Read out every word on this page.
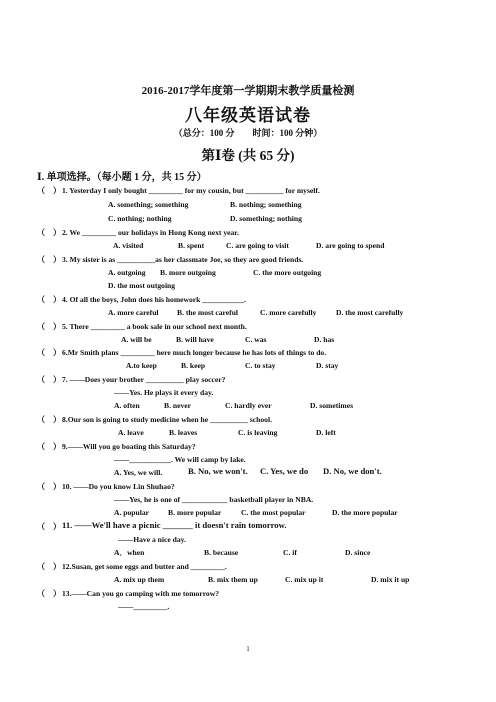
2016-2017学年度第一学期期末教学质量检测
八年级英语试卷
（总分：100 分　　时间：100 分钟）
第Ⅰ卷 (共 65 分)
Ⅰ. 单项选择。（每小题 1 分，共 15 分）
（　） 1. Yesterday I only bought _________ for my cousin, but __________ for myself.
A. something; something	B. nothing; something
C. nothing; nothing	D. something; nothing
（　） 2. We _________ our holidays in Hong Kong next year.
A. visited	B. spent	C. are going to visit	D. are going to spend
（　） 3. My sister is as __________as her classmate Joe, so they are good friends.
A. outgoing B. more outgoing	C. the more outgoing
D. the most outgoing
（　） 4. Of all the boys, John does his homework ___________.
A. more careful B. the most careful	C. more carefully	D. the most carefully
（　） 5. There _________ a book sale in our school next month.
A. will be	B. will have	C. was	D. has
（　） 6.Mr Smith plans _________ here much longer because he has lots of things to do.
A.to keep	B. keep	C. to stay	D. stay
（　） 7. ——Does your brother __________ play soccer?
——Yes. He plays it every day.
A. often	B. never	C. hardly ever	D. sometimes
（　） 8.Our son is going to study medicine when he __________ school.
A. leave	B. leaves	C. is leaving	D. left
（　） 9.——Will you go boating this Saturday?
——___________. We will camp by lake.
A. Yes, we will.	B. No, we won't. C. Yes, we do D. No, we don't.
（　） 10. ——Do you know Lin Shuhao?
——Yes, he is one of ____________ basketball player in NBA.
A. popular B. more popular	C. the most popular	D. the more popular
（　） 11. ——We'll have a picnic _______ it doesn't rain tomorrow.
——Have a nice day.
A．when	B. because	C. if	D. since
（　） 12.Susan, get some eggs and butter and _________.
A. mix up them	B. mix them up	C. mix up it	D. mix it up
（　） 13.——Can you go camping with me tomorrow?
——_________.
1
